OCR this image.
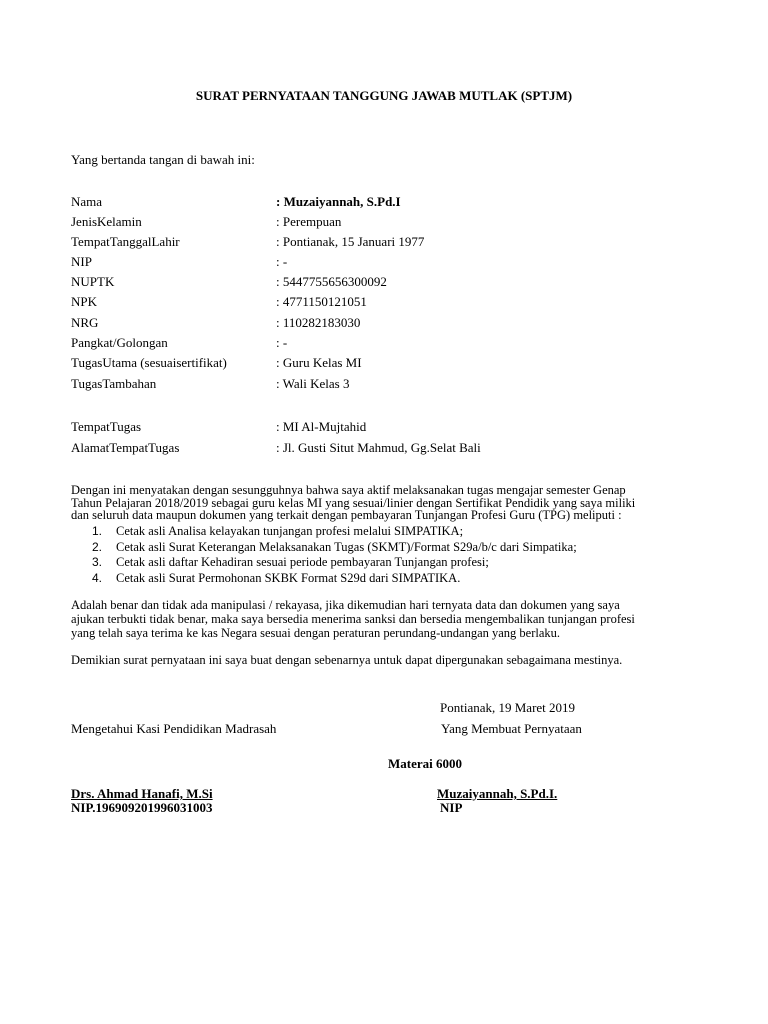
SURAT PERNYATAAN TANGGUNG JAWAB MUTLAK (SPTJM)
Yang bertanda tangan di bawah ini:
Nama	: Muzaiyannah, S.Pd.I
JenisKelamin	: Perempuan
TempatTanggalLahir	: Pontianak, 15 Januari 1977
NIP	: -
NUPTK	: 5447755656300092
NPK	: 4771150121051
NRG	: 110282183030
Pangkat/Golongan	: -
TugasUtama (sesuaisertifikat)	: Guru Kelas MI
TugasTambahan	: Wali Kelas 3
TempatTugas	: MI Al-Mujtahid
AlamatTempatTugas	: Jl. Gusti Situt Mahmud, Gg.Selat Bali
Dengan ini menyatakan dengan sesungguhnya bahwa saya aktif melaksanakan tugas mengajar semester Genap
Tahun Pelajaran 2018/2019 sebagai guru kelas MI yang sesuai/linier dengan Sertifikat Pendidik yang saya miliki
dan seluruh data maupun dokumen yang terkait dengan pembayaran Tunjangan Profesi Guru (TPG) meliputi :
1. Cetak asli Analisa kelayakan tunjangan profesi melalui SIMPATIKA;
2. Cetak asli Surat Keterangan Melaksanakan Tugas (SKMT)/Format S29a/b/c dari Simpatika;
3. Cetak asli daftar Kehadiran sesuai periode pembayaran Tunjangan profesi;
4. Cetak asli Surat Permohonan SKBK Format S29d dari SIMPATIKA.
Adalah benar dan tidak ada manipulasi / rekayasa, jika dikemudian hari ternyata data dan dokumen yang saya
ajukan terbukti tidak benar, maka saya bersedia menerima sanksi dan bersedia mengembalikan tunjangan profesi
yang telah saya terima ke kas Negara sesuai dengan peraturan perundang-undangan yang berlaku.
Demikian surat pernyataan ini saya buat dengan sebenarnya untuk dapat dipergunakan sebagaimana mestinya.
Pontianak, 19 Maret 2019
Mengetahui Kasi Pendidikan Madrasah	Yang Membuat Pernyataan
Materai 6000
Drs. Ahmad Hanafi, M.Si
NIP.196909201996031003
Muzaiyannah, S.Pd.I.
NIP
